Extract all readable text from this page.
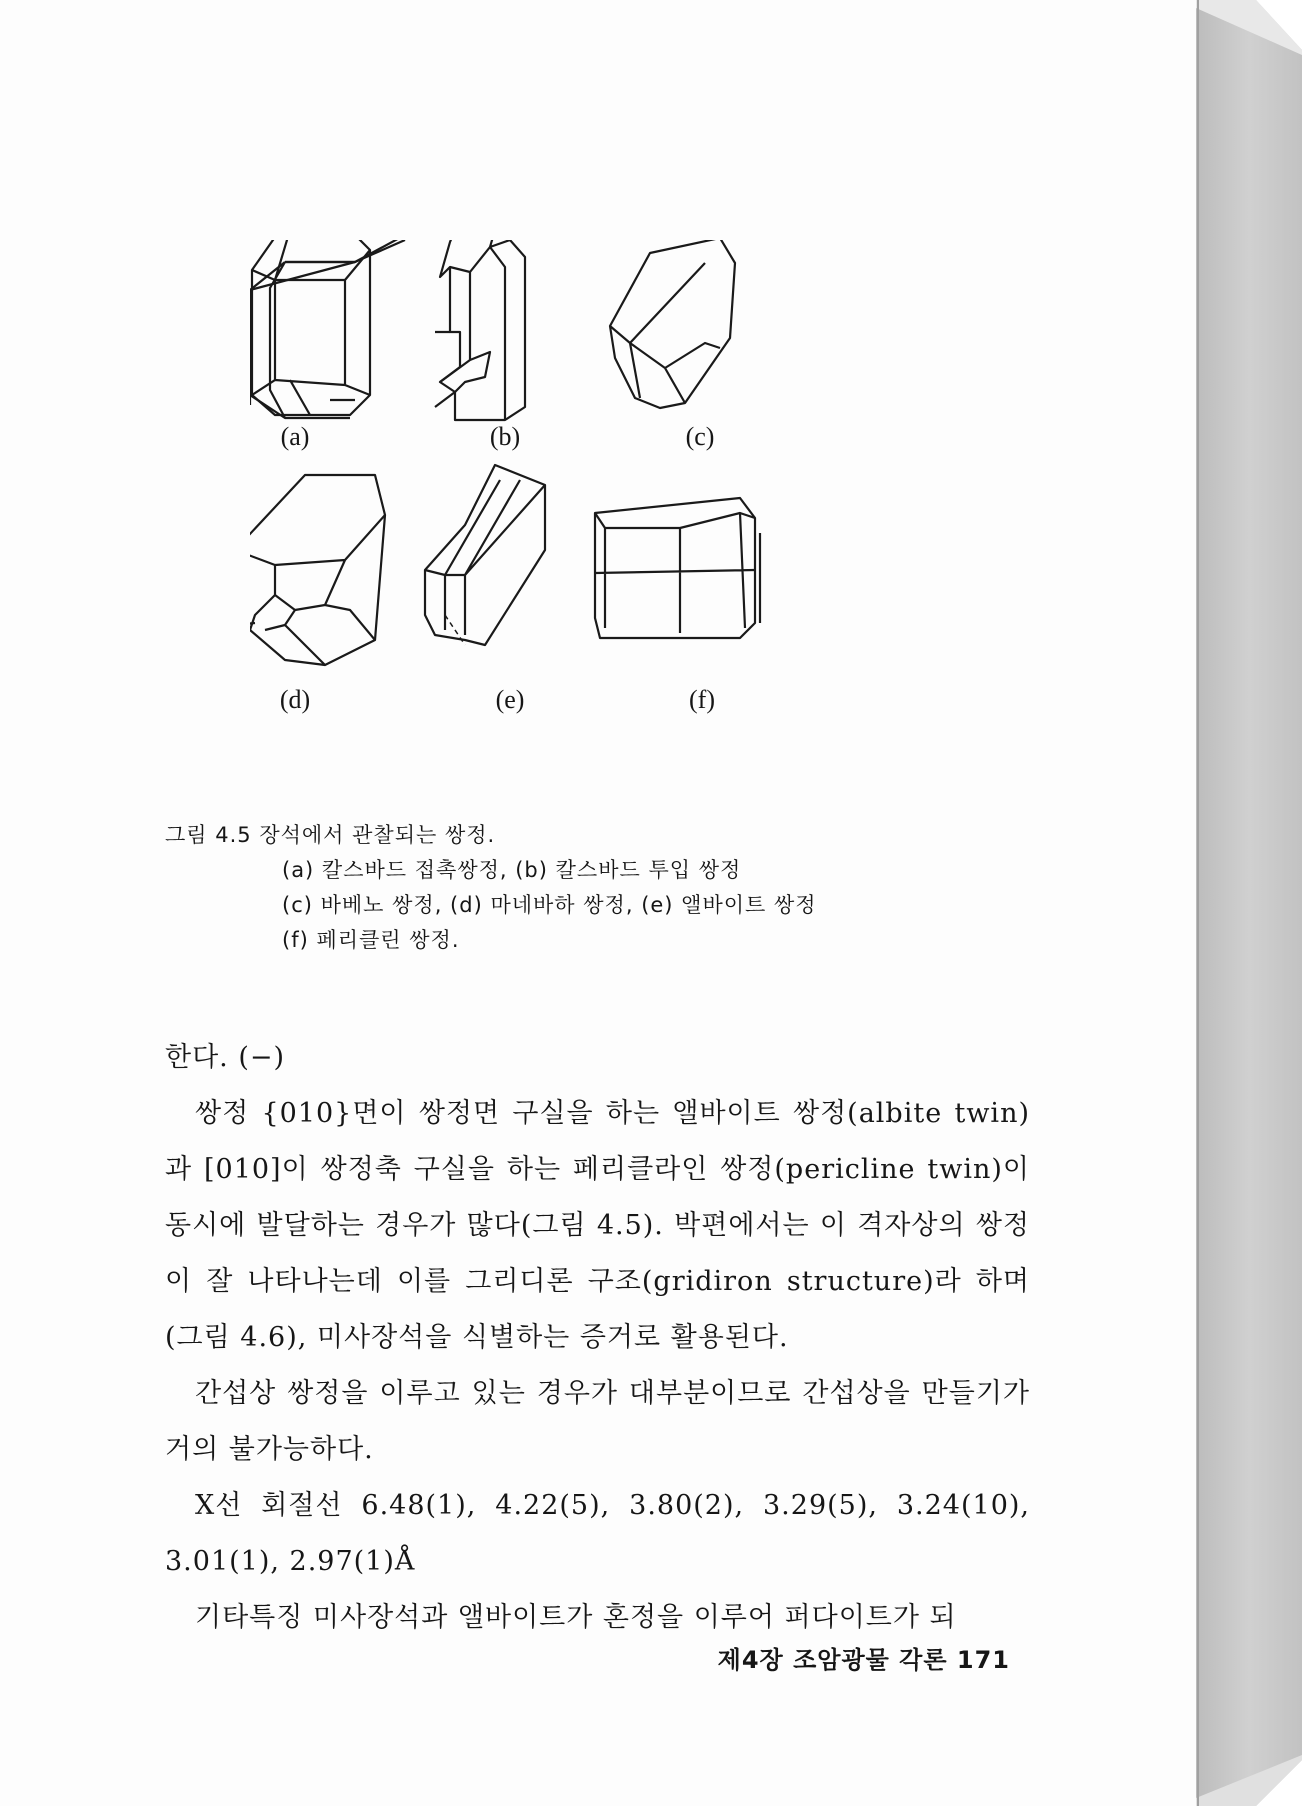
(a)	(b)	(c)
(d)	(e)	(f)
그림 4.5 장석에서 관찰되는 쌍정.
(a) 칼스바드 접촉쌍정, (b) 칼스바드 투입 쌍정
(c) 바베노 쌍정, (d) 마네바하 쌍정, (e) 앨바이트 쌍정
(f) 페리클린 쌍정.

한다. (−)

쌍정 {010}면이 쌍정면 구실을 하는 앨바이트 쌍정(albite twin)과 [010]이 쌍정축 구실을 하는 페리클라인 쌍정(pericline twin)이 동시에 발달하는 경우가 많다(그림 4.5). 박편에서는 이 격자상의 쌍정이 잘 나타나는데 이를 그리디론 구조(gridiron structure)라 하며(그림 4.6), 미사장석을 식별하는 증거로 활용된다.

간섭상 쌍정을 이루고 있는 경우가 대부분이므로 간섭상을 만들기가 거의 불가능하다.

X선 회절선 6.48(1), 4.22(5), 3.80(2), 3.29(5), 3.24(10), 3.01(1), 2.97(1)Å

기타특징 미사장석과 앨바이트가 혼정을 이루어 퍼다이트가 되

제4장 조암광물 각론 171
